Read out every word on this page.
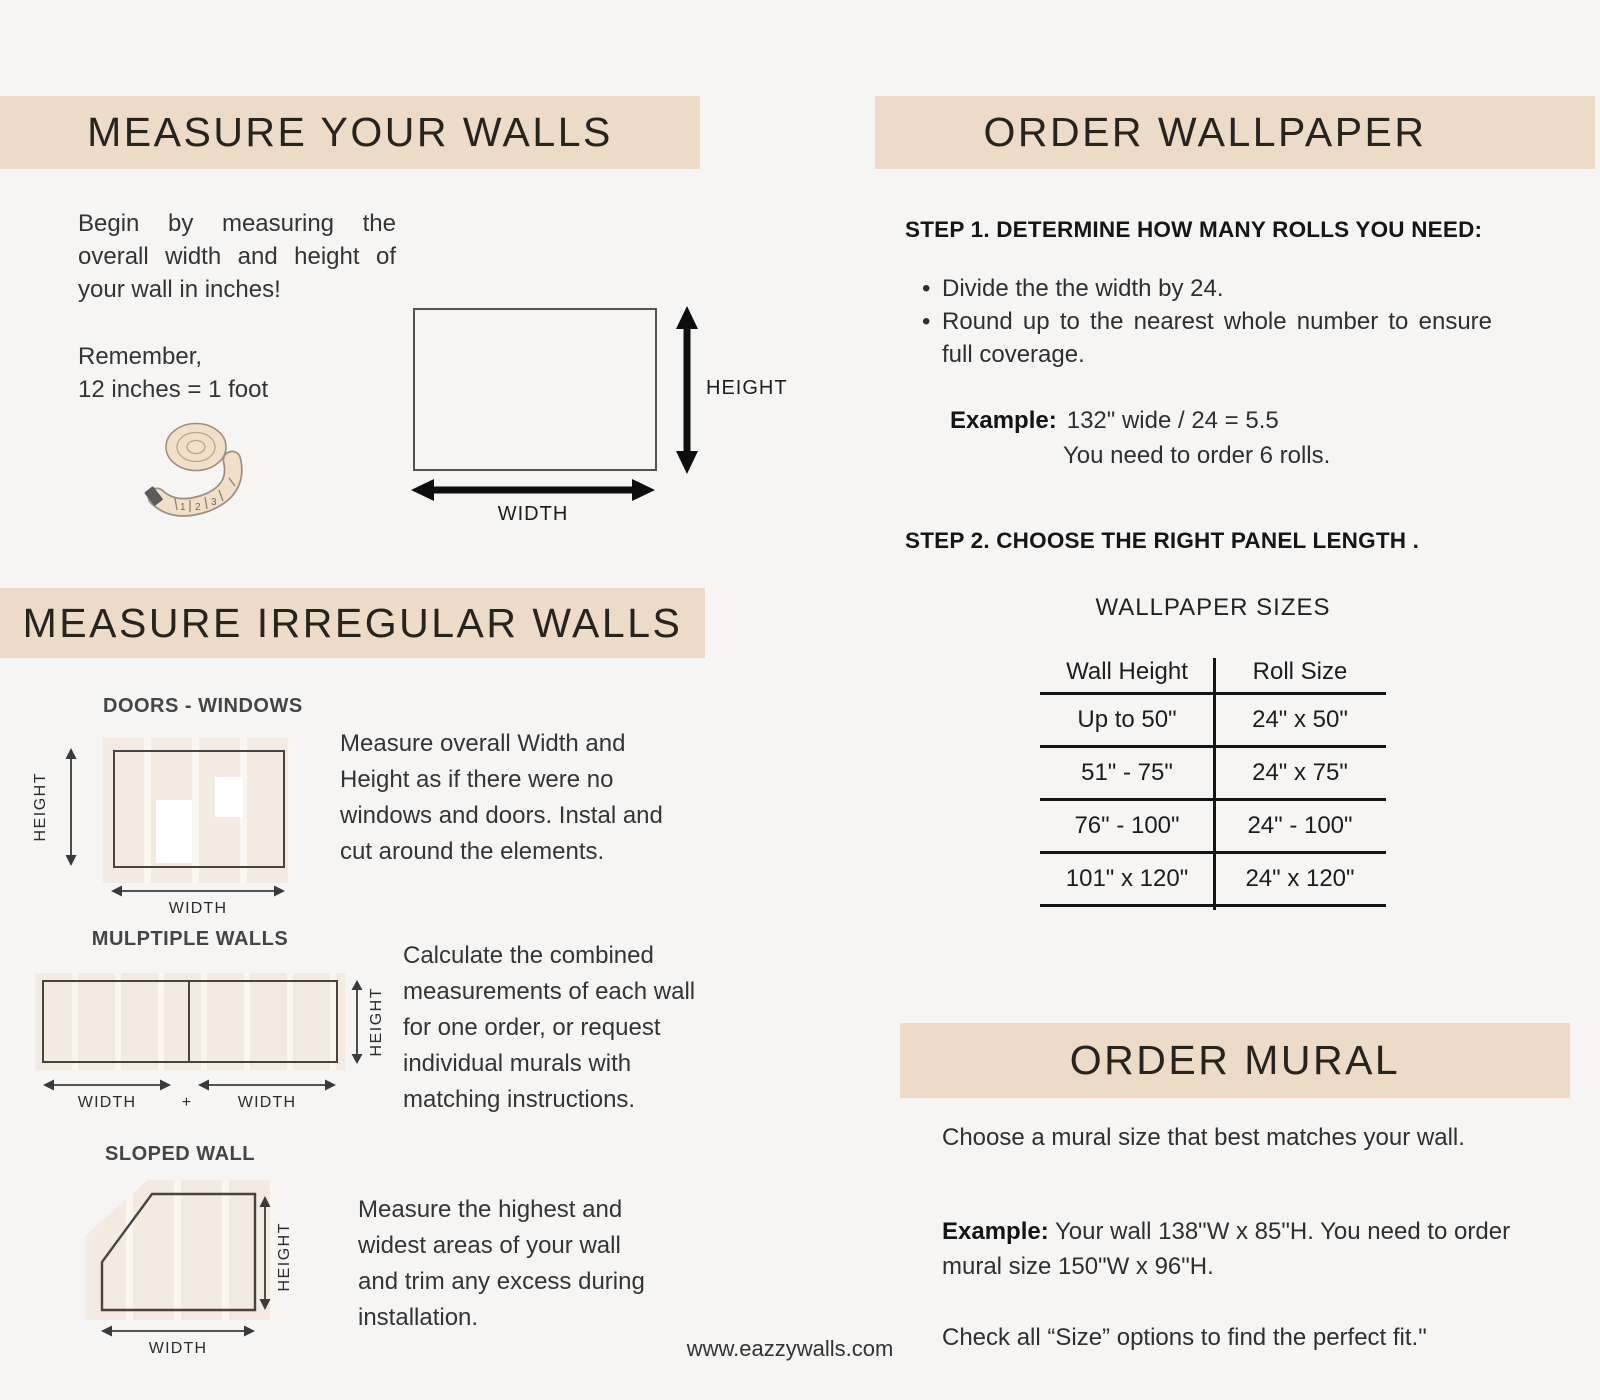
MEASURE YOUR WALLS
Begin by measuring the overall width and height of your wall in inches!
Remember,
12 inches = 1 foot
1 2 3
HEIGHT
WIDTH
MEASURE IRREGULAR WALLS
DOORS - WINDOWS
HEIGHT
WIDTH
Measure overall Width and Height as if there were no windows and doors. Instal and cut around the elements.
MULPTIPLE WALLS
HEIGHT
WIDTH	+	WIDTH
Calculate the combined measurements of each wall for one order, or request individual murals with matching instructions.
SLOPED WALL
HEIGHT
WIDTH
Measure the highest and widest areas of your wall and trim any excess during installation.
ORDER WALLPAPER
STEP 1. DETERMINE HOW MANY ROLLS YOU NEED:
• Divide the the width by 24.
• Round up to the nearest whole number to ensure full coverage.
Example: 132" wide / 24 = 5.5
You need to order 6 rolls.
STEP 2. CHOOSE THE RIGHT PANEL LENGTH .
WALLPAPER SIZES
Wall Height	Roll Size
Up to 50"	24" x 50"
51" - 75"	24" x 75"
76" - 100"	24" - 100"
101" x 120"	24" x 120"
ORDER MURAL
Choose a mural size that best matches your wall.
Example: Your wall 138"W x 85"H. You need to order mural size 150"W x 96"H.
Check all “Size” options to find the perfect fit."
www.eazzywalls.com
